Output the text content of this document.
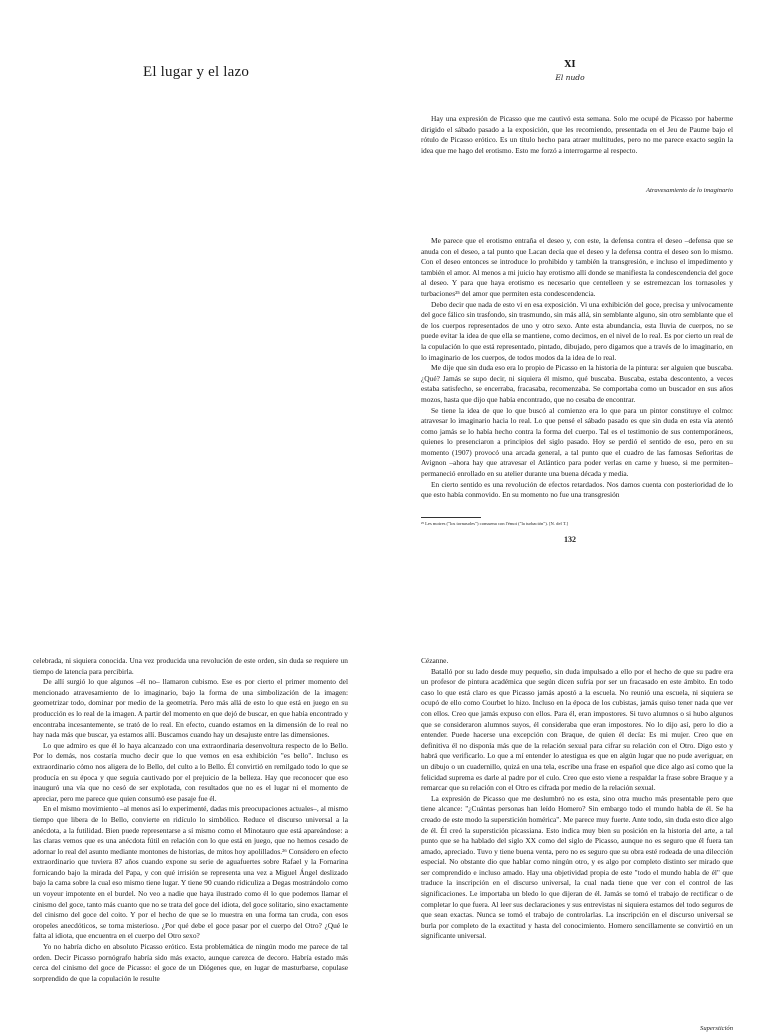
El lugar y el lazo	XI
El nudo

Hay una expresión de Picasso que me cautivó esta semana. Solo me ocupé de Picasso por haberme dirigido el sábado pasado a la exposición, que les recomiendo, presentada en el Jeu de Paume bajo el rótulo de Picasso erótico. Es un título hecho para atraer multitudes, pero no me parece exacto según la idea que me hago del erotismo. Esto me forzó a interrogarme al respecto.

Atravesamiento de lo imaginario

Me parece que el erotismo entraña el deseo y, con este, la defensa contra el deseo –defensa que se anuda con el deseo, a tal punto que Lacan decía que el deseo y la defensa contra el deseo son lo mismo. Con el deseo entonces se introduce lo prohibido y también la transgresión, e incluso el impedimento y también el amor. Al menos a mi juicio hay erotismo allí donde se manifiesta la condescendencia del goce al deseo. Y para que haya erotismo es necesario que centelleen y se estremezcan los tornasoles y turbaciones²⁵ del amor que permiten esta condescendencia.

Debo decir que nada de esto vi en esa exposición. Vi una exhibición del goce, precisa y unívocamente del goce fálico sin trasfondo, sin trasmundo, sin más allá, sin semblante alguno, sin otro semblante que el de los cuerpos representados de uno y otro sexo. Ante esta abundancia, esta lluvia de cuerpos, no se puede evitar la idea de que ella se mantiene, como decimos, en el nivel de lo real. Es por cierto un real de la copulación lo que está representado, pintado, dibujado, pero digamos que a través de lo imaginario, en lo imaginario de los cuerpos, de todos modos da la idea de lo real.

Me dije que sin duda eso era lo propio de Picasso en la historia de la pintura: ser alguien que buscaba. ¿Qué? Jamás se supo decir, ni siquiera él mismo, qué buscaba. Buscaba, estaba descontento, a veces estaba satisfecho, se encerraba, fracasaba, recomenzaba. Se comportaba como un buscador en sus años mozos, hasta que dijo que había encontrado, que no cesaba de encontrar.

Se tiene la idea de que lo que buscó al comienzo era lo que para un pintor constituye el colmo: atravesar lo imaginario hacia lo real. Lo que pensé el sábado pasado es que sin duda en esta vía atentó como jamás se lo había hecho contra la forma del cuerpo. Tal es el testimonio de sus contemporáneos, quienes lo presenciaron a principios del siglo pasado. Hoy se perdió el sentido de eso, pero en su momento (1907) provocó una arcada general, a tal punto que el cuadro de las famosas Señoritas de Avignon –ahora hay que atravesar el Atlántico para poder verlas en carne y hueso, si me permiten– permaneció enrollado en su atelier durante una buena década y media.

En cierto sentido es una revolución de efectos retardados. Nos damos cuenta con posterioridad de lo que esto había conmovido. En su momento no fue una transgresión

²⁵ Les moires ("los tornasoles") consuena con l'émoi ("la turbación"). [N. del T.]
132

celebrada, ni siquiera conocida. Una vez producida una revolución de este orden, sin duda se requiere un tiempo de latencia para percibirla.

De allí surgió lo que algunos –él no– llamaron cubismo. Ese es por cierto el primer momento del mencionado atravesamiento de lo imaginario, bajo la forma de una simbolización de la imagen: geometrizar todo, dominar por medio de la geometría. Pero más allá de esto lo que está en juego en su producción es lo real de la imagen. A partir del momento en que dejó de buscar, en que había encontrado y encontraba incesantemente, se trató de lo real. En efecto, cuando estamos en la dimensión de lo real no hay nada más que buscar, ya estamos allí. Buscamos cuando hay un desajuste entre las dimensiones.

Lo que admiro es que él lo haya alcanzado con una extraordinaria desenvoltura respecto de lo Bello. Por lo demás, nos costaría mucho decir que lo que vemos en esa exhibición "es bello". Incluso es extraordinario cómo nos aligera de lo Bello, del culto a lo Bello. Él convirtió en remilgado todo lo que se producía en su época y que seguía cautivado por el prejuicio de la belleza. Hay que reconocer que eso inauguró una vía que no cesó de ser explotada, con resultados que no es el lugar ni el momento de apreciar, pero me parece que quien consumó ese pasaje fue él.

En el mismo movimiento –al menos así lo experimenté, dadas mis preocupaciones actuales–, al mismo tiempo que libera de lo Bello, convierte en ridículo lo simbólico. Reduce el discurso universal a la anécdota, a la futilidad. Bien puede representarse a sí mismo como el Minotauro que está apareándose: a las claras vemos que es una anécdota fútil en relación con lo que está en juego, que no hemos cesado de adornar lo real del asunto mediante montones de historias, de mitos hoy apolillados.²⁶ Considero en efecto extraordinario que tuviera 87 años cuando expone su serie de aguafuertes sobre Rafael y la Fornarina fornicando bajo la mirada del Papa, y con qué irrisión se representa una vez a Miguel Ángel deslizado bajo la cama sobre la cual eso mismo tiene lugar. Y tiene 90 cuando ridiculiza a Degas mostrándolo como un voyeur impotente en el burdel. No veo a nadie que haya ilustrado como él lo que podemos llamar el cinismo del goce, tanto más cuanto que no se trata del goce del idiota, del goce solitario, sino exactamente del cinismo del goce del coito. Y por el hecho de que se lo muestra en una forma tan cruda, con esos oropeles anecdóticos, se torna misterioso. ¿Por qué debe el goce pasar por el cuerpo del Otro? ¿Qué le falta al idiota, que encuentra en el cuerpo del Otro sexo?

Yo no habría dicho en absoluto Picasso erótico. Esta problemática de ningún modo me parece de tal orden. Decir Picasso pornógrafo habría sido más exacto, aunque carezca de decoro. Habría estado más cerca del cinismo del goce de Picasso: el goce de un Diógenes que, en lugar de masturbarse, copulase sorprendido de que la copulación le resulte

Cézanne.

Batalló por su lado desde muy pequeño, sin duda impulsado a ello por el hecho de que su padre era un profesor de pintura académica que según dicen sufría por ser un fracasado en este ámbito. En todo caso lo que está claro es que Picasso jamás apostó a la escuela. No reunió una escuela, ni siquiera se ocupó de ello como Courbet lo hizo. Incluso en la época de los cubistas, jamás quiso tener nada que ver con ellos. Creo que jamás expuso con ellos. Para él, eran impostores. Si tuvo alumnos o si hubo algunos que se consideraron alumnos suyos, él consideraba que eran impostores. No lo dijo así, pero lo dio a entender. Puede hacerse una excepción con Braque, de quien él decía: Es mi mujer. Creo que en definitiva él no disponía más que de la relación sexual para cifrar su relación con el Otro. Digo esto y habrá que verificarlo. Lo que a mí entender lo atestigua es que en algún lugar que no pude averiguar, en un dibujo o un cuadernillo, quizá en una tela, escribe una frase en español que dice algo así como que la felicidad suprema es darle al padre por el culo. Creo que esto viene a respaldar la frase sobre Braque y a remarcar que su relación con el Otro es cifrada por medio de la relación sexual.

La expresión de Picasso que me deslumbró no es esta, sino otra mucho más presentable pero que tiene alcance: "¿Cuántas personas han leído Homero? Sin embargo todo el mundo habla de él. Se ha creado de este modo la superstición homérica". Me parece muy fuerte. Ante todo, sin duda esto dice algo de él. Él creó la superstición picassiana. Esto indica muy bien su posición en la historia del arte, a tal punto que se ha hablado del siglo XX como del siglo de Picasso, aunque no es seguro que él fuera tan amado, apreciado. Tuvo y tiene buena venta, pero no es seguro que su obra esté rodeada de una dilección especial. No obstante dio que hablar como ningún otro, y es algo por completo distinto ser mirado que ser comprendido e incluso amado. Hay una objetividad propia de este "todo el mundo habla de él" que traduce la inscripción en el discurso universal, la cual nada tiene que ver con el control de las significaciones. Le importaba un bledo lo que dijeran de él. Jamás se tomó el trabajo de rectificar o de completar lo que fuera. Al leer sus declaraciones y sus entrevistas ni siquiera estamos del todo seguros de que sean exactas. Nunca se tomó el trabajo de controlarlas. La inscripción en el discurso universal se burla por completo de la exactitud y hasta del conocimiento. Homero sencillamente se convirtió en un significante universal.

Superstición
